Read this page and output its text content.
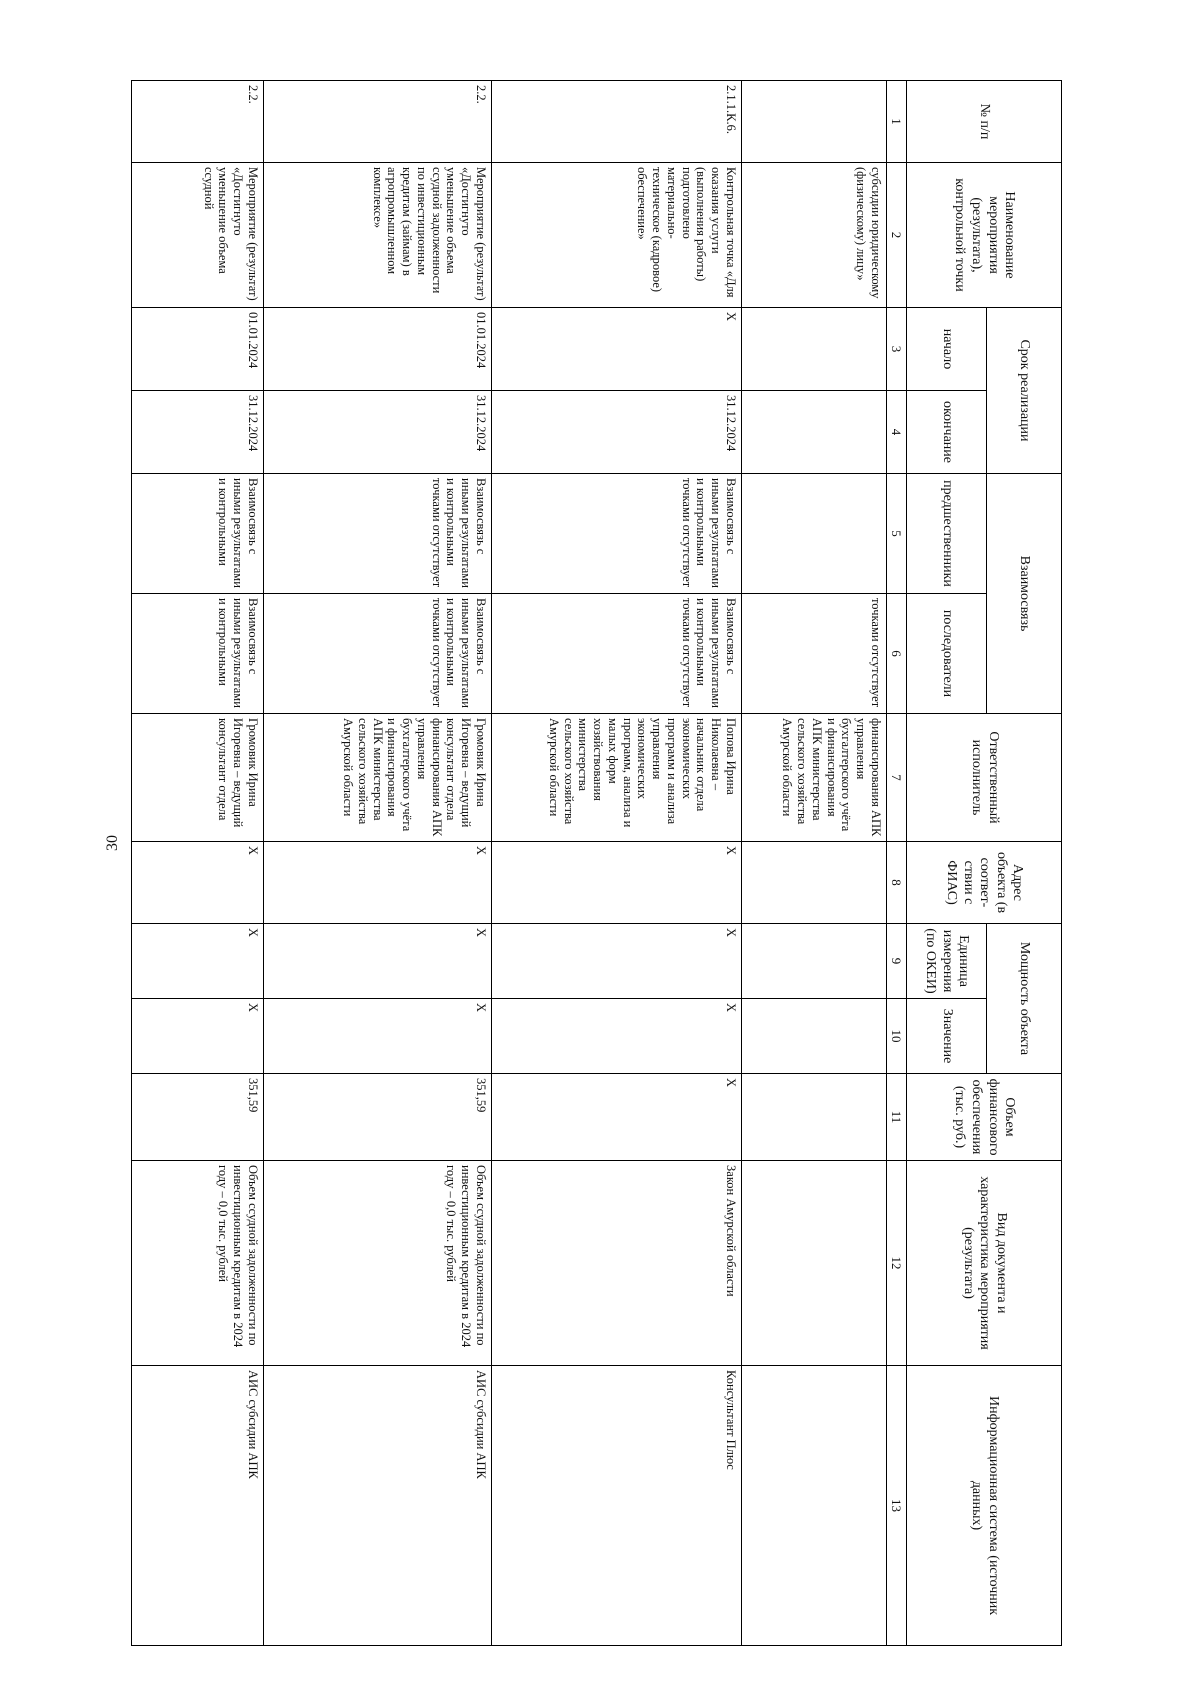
30
№ п/п	Наименование мероприятия (результата), контрольной точки	Срок реализации		Взаимосвязь		Ответственный исполнитель	Адрес объекта (в соответ-ствии с ФИАС)	Мощность объекта		Объем финансового обеспечения (тыс. руб.)	Вид документа и характеристика мероприятия (результата)	Информационная система (источник данных)
		начало	окончание	предшественники	последователи			Единица измерения (по ОКЕИ)	Значение			
1	2	3	4	5	6	7	8	9	10	11	12	13
	субсидии юридическому (физическому) лицу»				точками отсутствует	финансирования АПК управления бухгалтерского учёта и финансирования АПК министерства сельского хозяйства Амурской области						
2.1.1.К.6.	Контрольная точка «Для оказания услуги (выполнения работы) подготовлено материально-техническое (кадровое) обеспечение»	X	31.12.2024	Взаимосвязь с иными результатами и контрольными точками отсутствует	Взаимосвязь с иными результатами и контрольными точками отсутствует	Попова Ирина Николаевна – начальник отдела экономических программ и анализа управления экономических программ, анализа и малых форм хозяйствования министерства сельского хозяйства Амурской области	X	X	X	X	Закон Амурской области	Консультант Плюс
2.2.	Мероприятие (результат) «Достигнуто уменьшение объема ссудной задолженности по инвестиционным кредитам (займам) в агропромышленном комплексе»	01.01.2024	31.12.2024	Взаимосвязь с иными результатами и контрольными точками отсутствует	Взаимосвязь с иными результатами и контрольными точками отсутствует	Громовик Ирина Игоревна – ведущий консультант отдела финансирования АПК управления бухгалтерского учёта и финансирования АПК министерства сельского хозяйства Амурской области	X	X	X	351,59	Объем ссудной задолженности по инвестиционным кредитам в 2024 году – 0,0 тыс. рублей	АИС субсидии АПК
2.2.	Мероприятие (результат) «Достигнуто уменьшение объема ссудной	01.01.2024	31.12.2024	Взаимосвязь с иными результатами и контрольными	Взаимосвязь с иными результатами и контрольными	Громовик Ирина Игоревна – ведущий консультант отдела	X	X	X	351,59	Объем ссудной задолженности по инвестиционным кредитам в 2024 году – 0,0 тыс. рублей	АИС субсидии АПК
